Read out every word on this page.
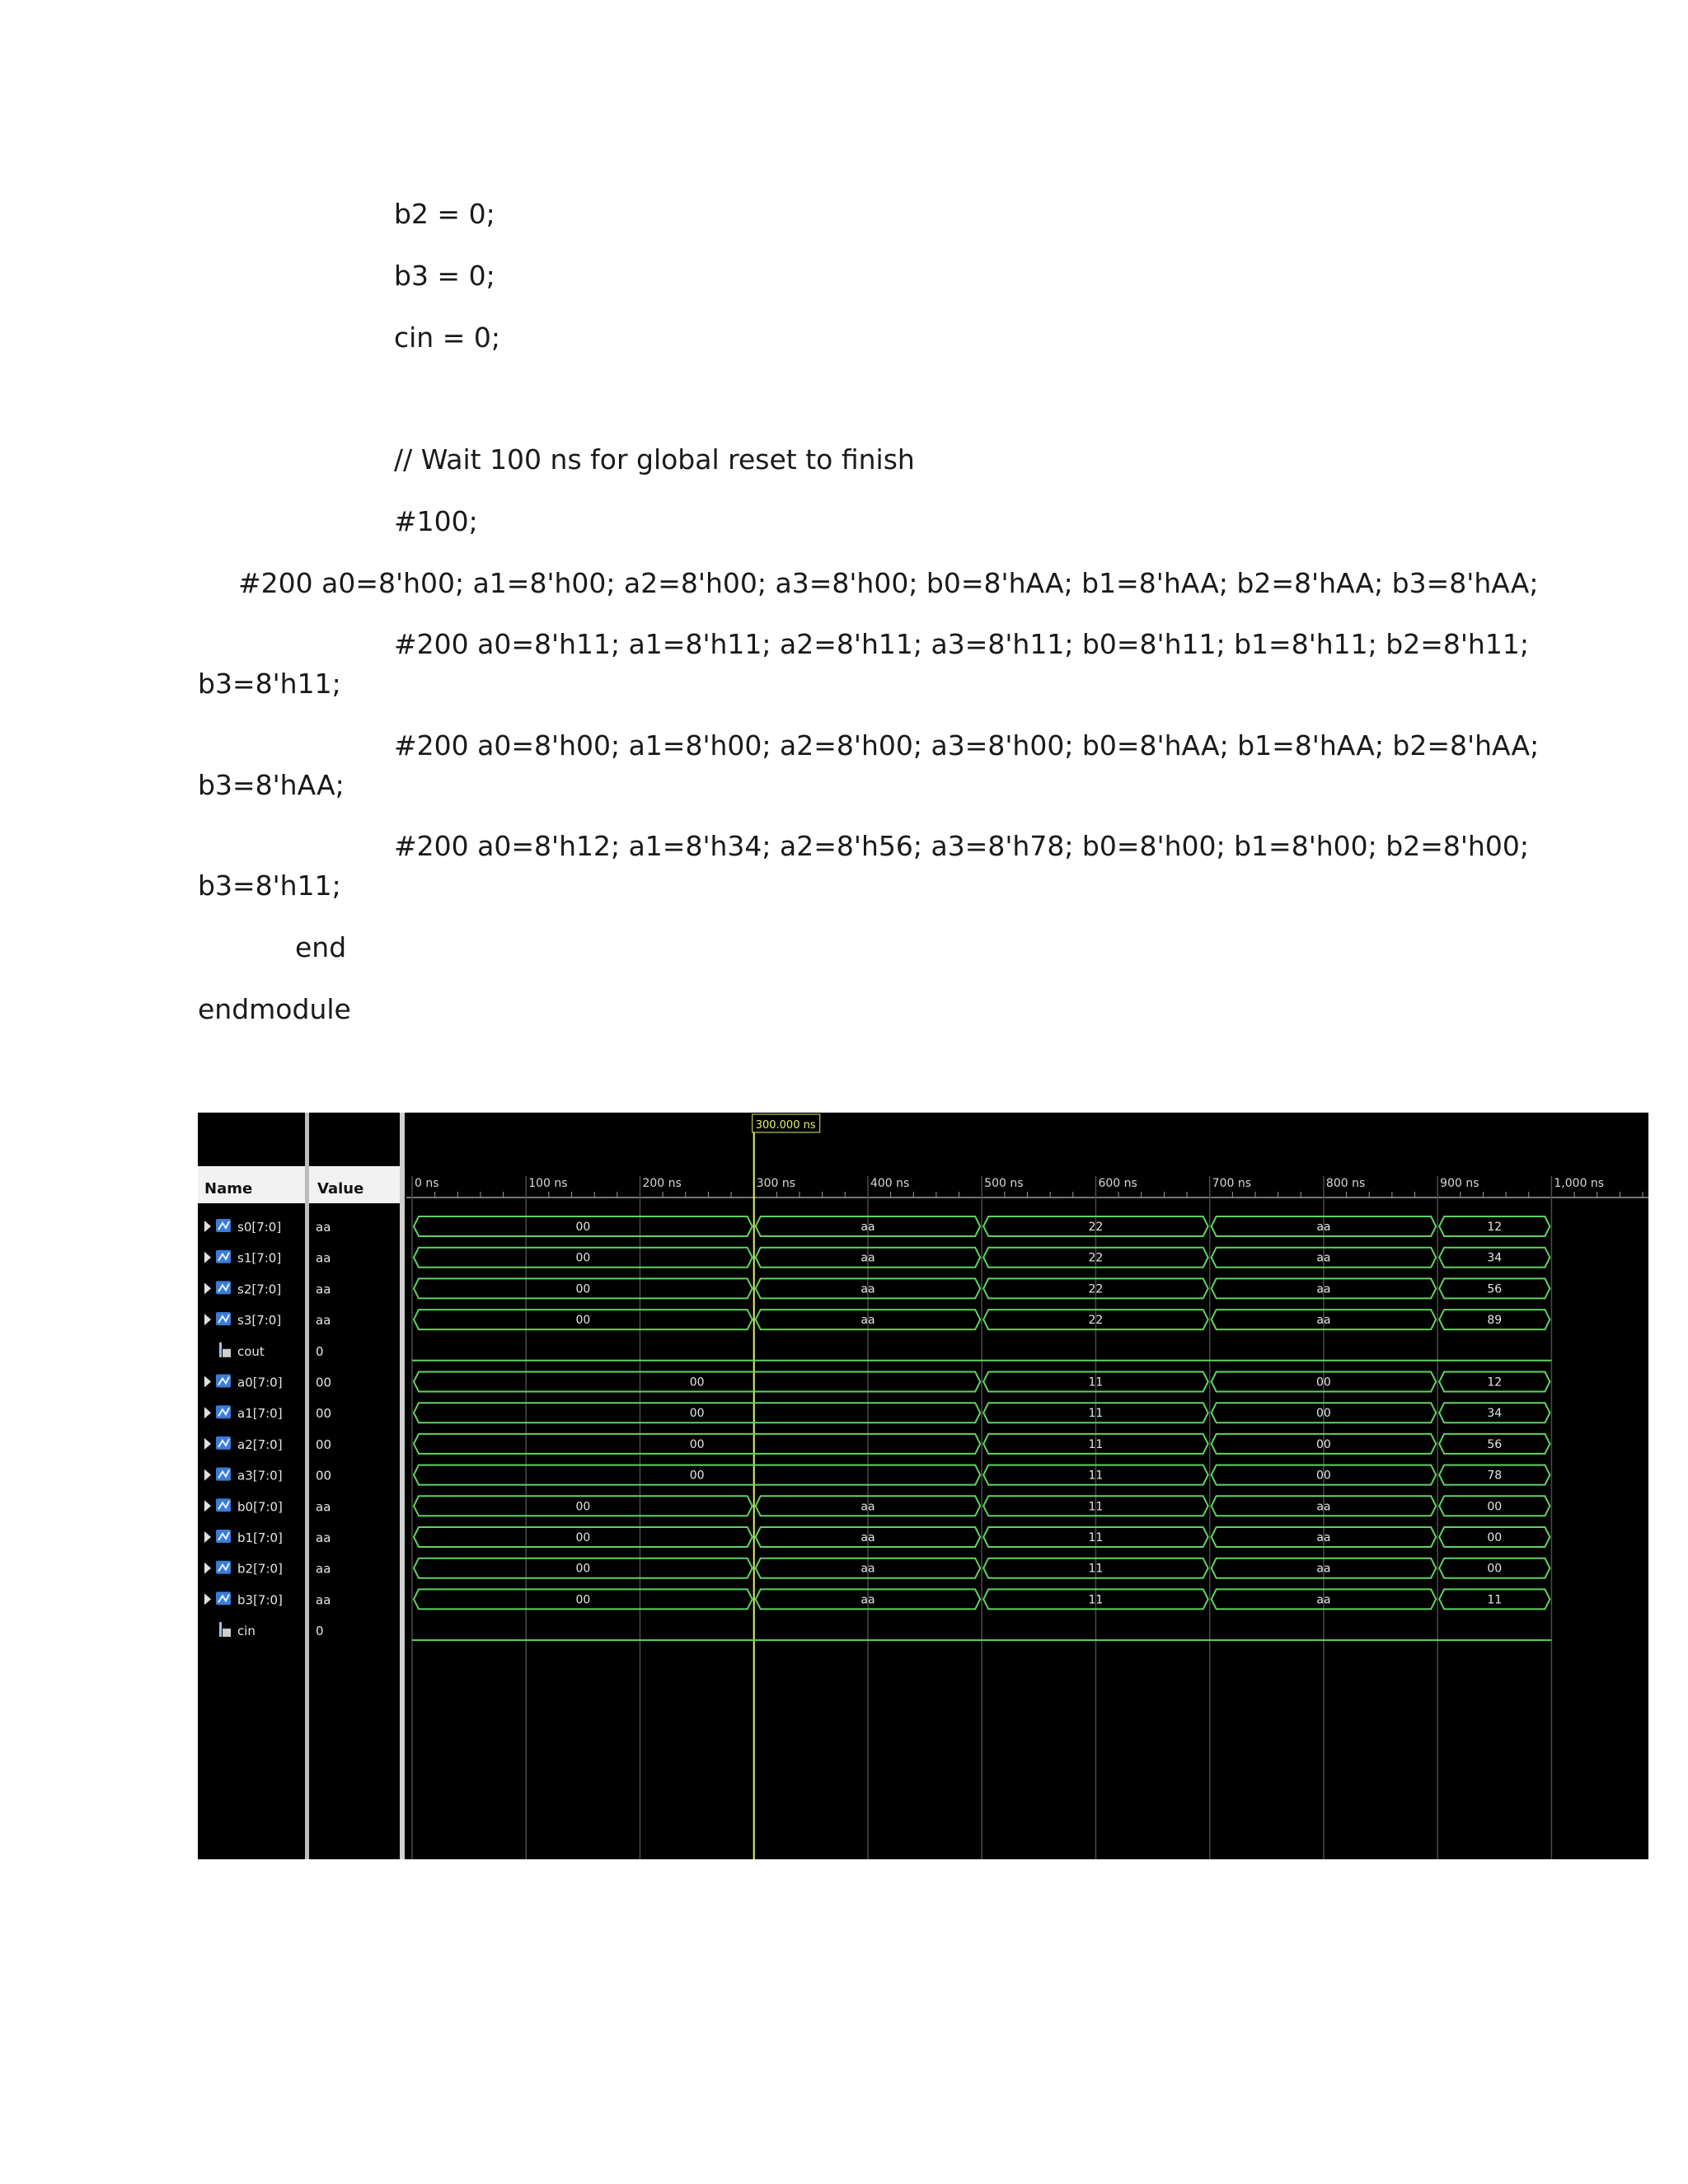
b2 = 0;

b3 = 0;

cin = 0;

// Wait 100 ns for global reset to finish

#100;

#200 a0=8'h00; a1=8'h00; a2=8'h00; a3=8'h00; b0=8'hAA; b1=8'hAA; b2=8'hAA; b3=8'hAA;

#200 a0=8'h11; a1=8'h11; a2=8'h11; a3=8'h11; b0=8'h11; b1=8'h11; b2=8'h11;

b3=8'h11;

#200 a0=8'h00; a1=8'h00; a2=8'h00; a3=8'h00; b0=8'hAA; b1=8'hAA; b2=8'hAA;

b3=8'hAA;

#200 a0=8'h12; a1=8'h34; a2=8'h56; a3=8'h78; b0=8'h00; b1=8'h00; b2=8'h00;

b3=8'h11;

end

endmodule

Name	Value	0 ns	100 ns	200 ns	300 ns	400 ns	500 ns	600 ns	700 ns	800 ns	900 ns	1,000 ns
300.000 ns
s0[7:0]	aa	00	aa	22	aa	12
s1[7:0]	aa	00	aa	22	aa	34
s2[7:0]	aa	00	aa	22	aa	56
s3[7:0]	aa	00	aa	22	aa	89
cout	0
a0[7:0]	00	00	11	00	12
a1[7:0]	00	00	11	00	34
a2[7:0]	00	00	11	00	56
a3[7:0]	00	00	11	00	78
b0[7:0]	aa	00	aa	11	aa	00
b1[7:0]	aa	00	aa	11	aa	00
b2[7:0]	aa	00	aa	11	aa	00
b3[7:0]	aa	00	aa	11	aa	11
cin	0
